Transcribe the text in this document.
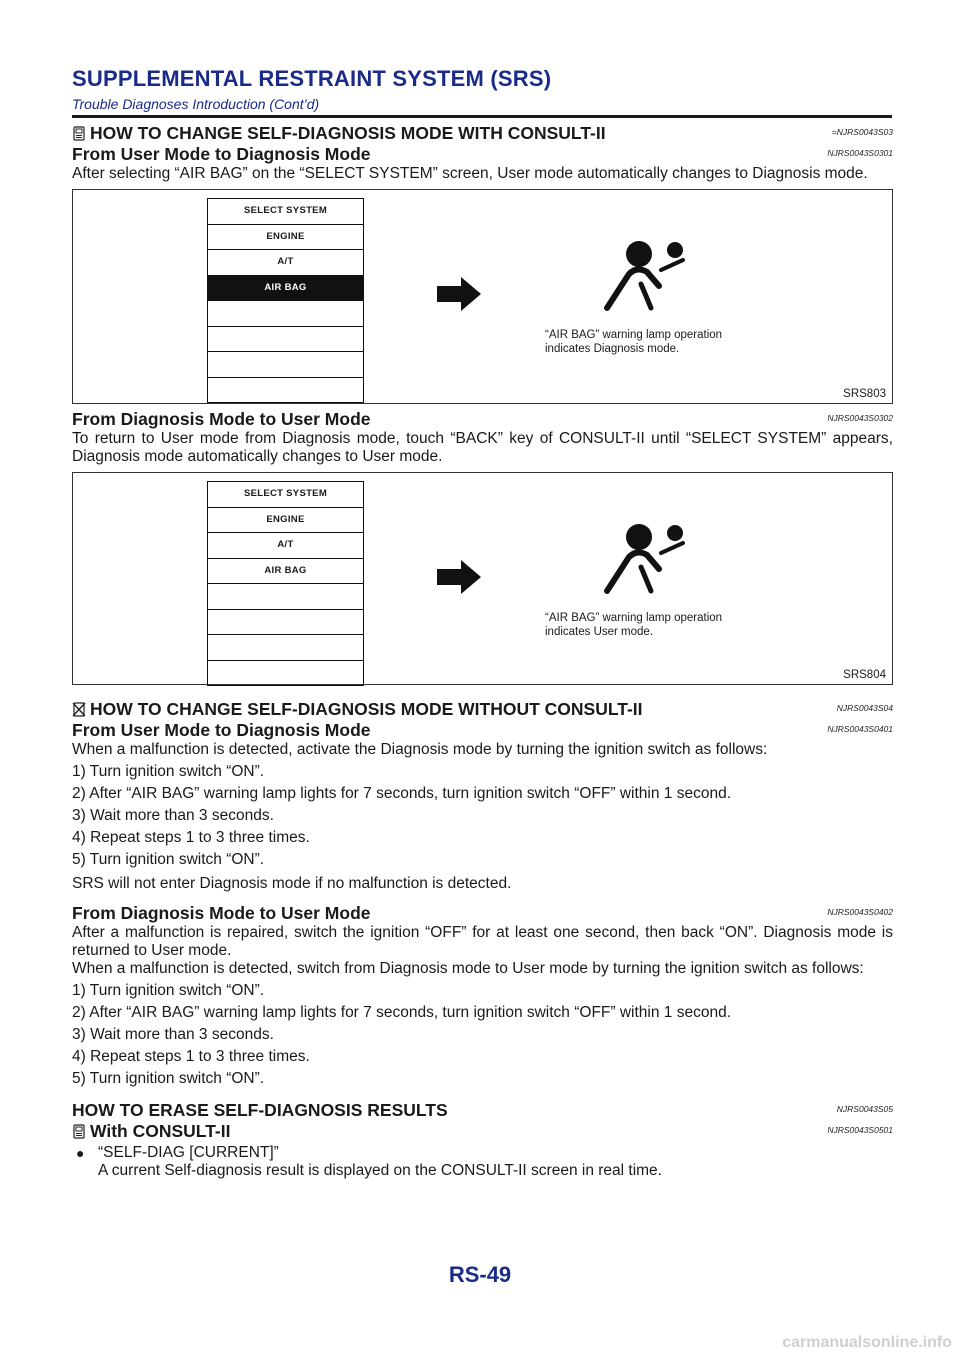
SUPPLEMENTAL RESTRAINT SYSTEM (SRS)
Trouble Diagnoses Introduction (Cont’d)
HOW TO CHANGE SELF-DIAGNOSIS MODE WITH CONSULT-II	=NJRS0043S03
From User Mode to Diagnosis Mode	NJRS0043S0301

After selecting “AIR BAG” on the “SELECT SYSTEM” screen, User mode automatically changes to Diagnosis mode.

SELECT SYSTEM
ENGINE
A/T
AIR BAG
“AIR BAG” warning lamp operation
indicates Diagnosis mode.
SRS803
From Diagnosis Mode to User Mode	NJRS0043S0302

To return to User mode from Diagnosis mode, touch “BACK” key of CONSULT-II until “SELECT SYSTEM” appears, Diagnosis mode automatically changes to User mode.

SELECT SYSTEM
ENGINE
A/T
AIR BAG
“AIR BAG” warning lamp operation
indicates User mode.
SRS804
HOW TO CHANGE SELF-DIAGNOSIS MODE WITHOUT CONSULT-II	NJRS0043S04
From User Mode to Diagnosis Mode	NJRS0043S0401

When a malfunction is detected, activate the Diagnosis mode by turning the ignition switch as follows:

1) Turn ignition switch “ON”.

2) After “AIR BAG” warning lamp lights for 7 seconds, turn ignition switch “OFF” within 1 second.

3) Wait more than 3 seconds.

4) Repeat steps 1 to 3 three times.

5) Turn ignition switch “ON”.

SRS will not enter Diagnosis mode if no malfunction is detected.

From Diagnosis Mode to User Mode	NJRS0043S0402

After a malfunction is repaired, switch the ignition “OFF” for at least one second, then back “ON”. Diagnosis mode is returned to User mode.

When a malfunction is detected, switch from Diagnosis mode to User mode by turning the ignition switch as follows:

1) Turn ignition switch “ON”.

2) After “AIR BAG” warning lamp lights for 7 seconds, turn ignition switch “OFF” within 1 second.

3) Wait more than 3 seconds.

4) Repeat steps 1 to 3 three times.

5) Turn ignition switch “ON”.

HOW TO ERASE SELF-DIAGNOSIS RESULTS	NJRS0043S05
With CONSULT-II	NJRS0043S0501
● “SELF-DIAG [CURRENT]”
A current Self-diagnosis result is displayed on the CONSULT-II screen in real time.
RS-49
carmanualsonline.info
